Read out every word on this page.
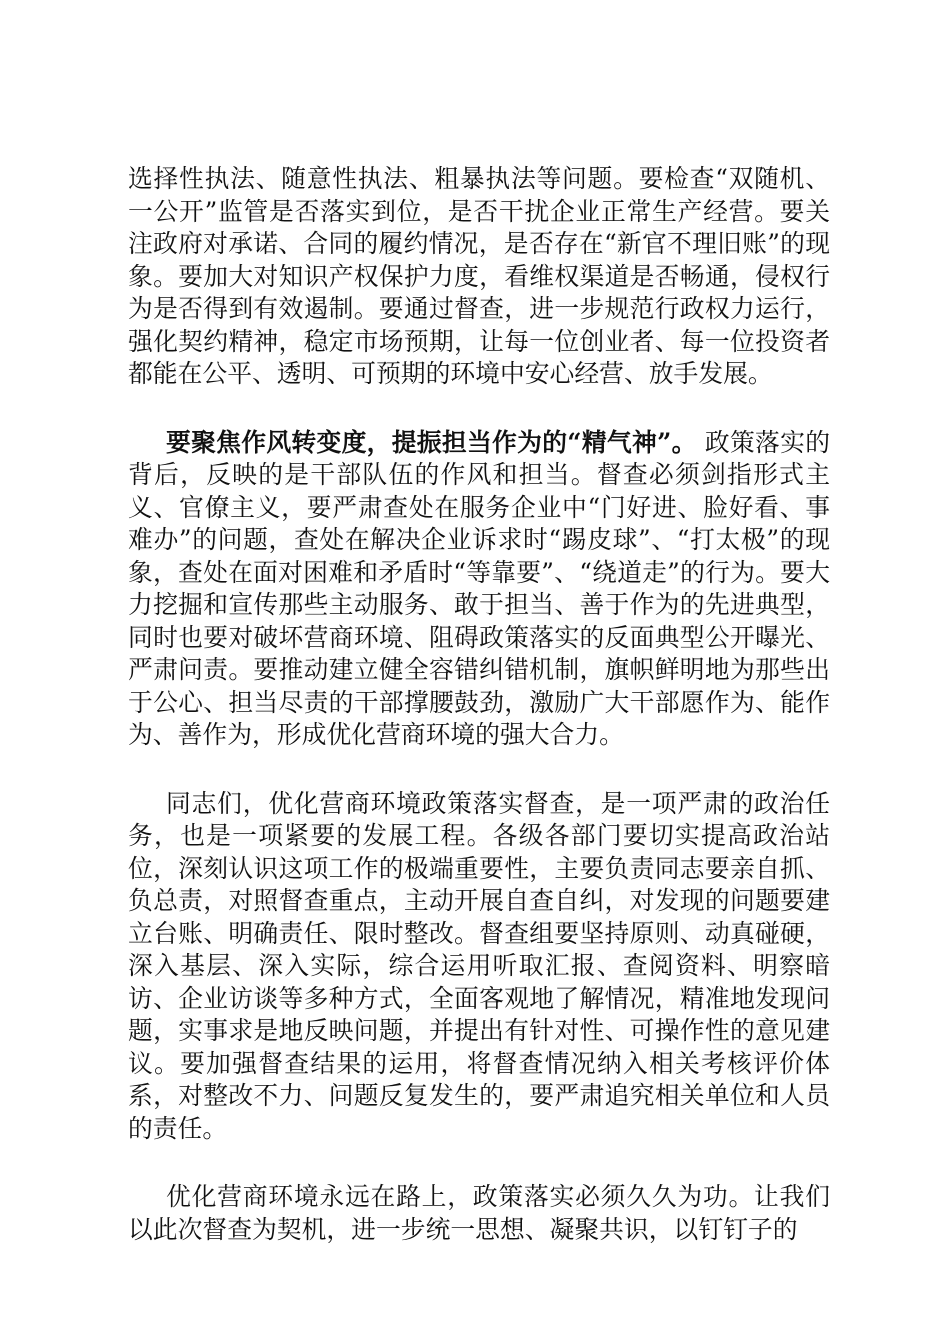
选择性执法、随意性执法、粗暴执法等问题。要检查“双随机、一公开”监管是否落实到位，是否干扰企业正常生产经营。要关注政府对承诺、合同的履约情况，是否存在“新官不理旧账”的现象。要加大对知识产权保护力度，看维权渠道是否畅通，侵权行为是否得到有效遏制。要通过督查，进一步规范行政权力运行，强化契约精神，稳定市场预期，让每一位创业者、每一位投资者都能在公平、透明、可预期的环境中安心经营、放手发展。

要聚焦作风转变度，提振担当作为的“精气神”。 政策落实的背后，反映的是干部队伍的作风和担当。督查必须剑指形式主义、官僚主义，要严肃查处在服务企业中“门好进、脸好看、事难办”的问题，查处在解决企业诉求时“踢皮球”、“打太极”的现象，查处在面对困难和矛盾时“等靠要”、“绕道走”的行为。要大力挖掘和宣传那些主动服务、敢于担当、善于作为的先进典型，同时也要对破坏营商环境、阻碍政策落实的反面典型公开曝光、严肃问责。要推动建立健全容错纠错机制，旗帜鲜明地为那些出于公心、担当尽责的干部撑腰鼓劲，激励广大干部愿作为、能作为、善作为，形成优化营商环境的强大合力。

同志们，优化营商环境政策落实督查，是一项严肃的政治任务，也是一项紧要的发展工程。各级各部门要切实提高政治站位，深刻认识这项工作的极端重要性，主要负责同志要亲自抓、负总责，对照督查重点，主动开展自查自纠，对发现的问题要建立台账、明确责任、限时整改。督查组要坚持原则、动真碰硬，深入基层、深入实际，综合运用听取汇报、查阅资料、明察暗访、企业访谈等多种方式，全面客观地了解情况，精准地发现问题，实事求是地反映问题，并提出有针对性、可操作性的意见建议。要加强督查结果的运用，将督查情况纳入相关考核评价体系，对整改不力、问题反复发生的，要严肃追究相关单位和人员的责任。

优化营商环境永远在路上，政策落实必须久久为功。让我们以此次督查为契机，进一步统一思想、凝聚共识，以钉钉子的
